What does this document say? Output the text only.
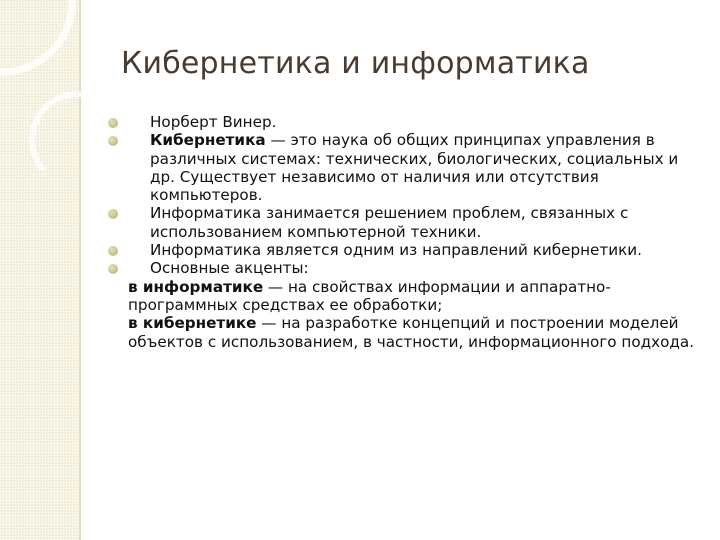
Кибернетика и информатика
Норберт Винер.
Кибернетика — это наука об общих принципах управления в различных системах: технических, биологических, социальных и др. Существует независимо от наличия или отсутствия компьютеров.
Информатика занимается решением проблем, связанных с использованием компьютерной техники.
Информатика является одним из направлений кибернетики.
Основные акценты:

в информатике — на свойствах информации и аппаратно-программных средствах ее обработки;

в кибернетике — на разработке концепций и построении моделей объектов с использованием, в частности, информационного подхода.
